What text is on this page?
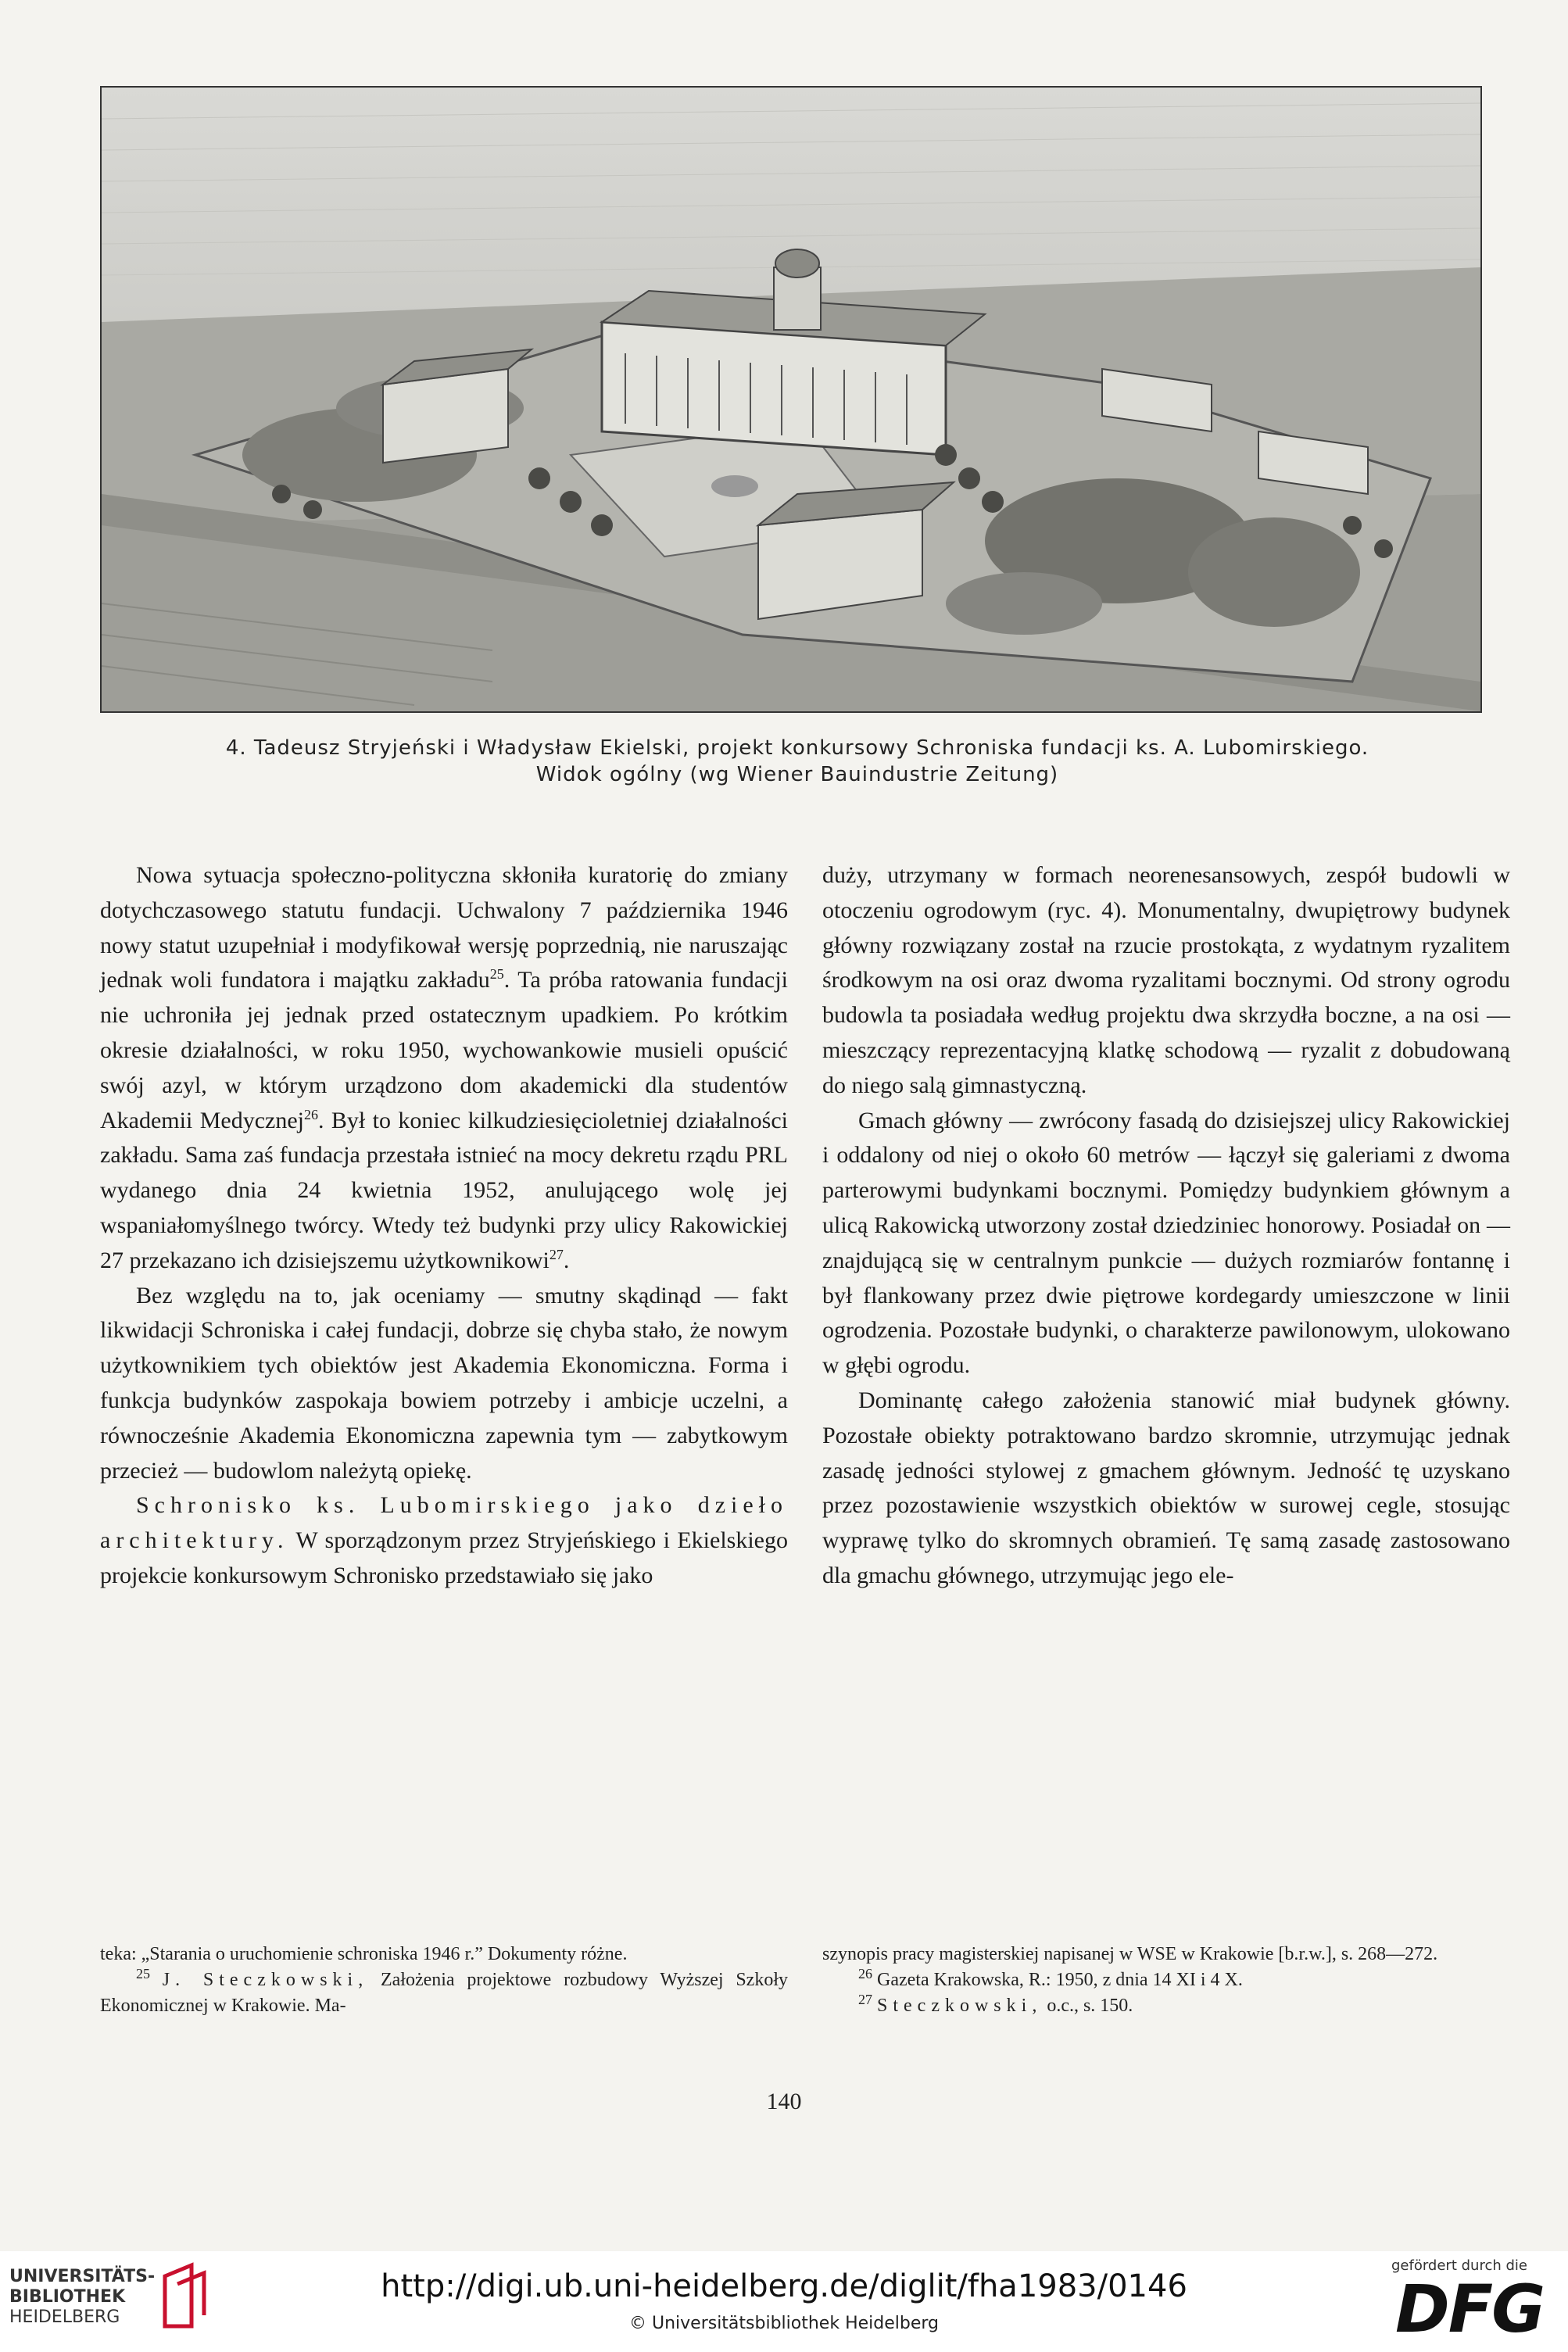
4. Tadeusz Stryjeński i Władysław Ekielski, projekt konkursowy Schroniska fundacji ks. A. Lubomirskiego.
Widok ogólny (wg Wiener Bauindustrie Zeitung)

Nowa sytuacja społeczno-polityczna skłoniła kuratorię do zmiany dotychczasowego statutu fundacji. Uchwalony 7 października 1946 nowy statut uzupełniał i modyfikował wersję poprzednią, nie naruszając jednak woli fundatora i majątku zakładu$^{25}$. Ta próba ratowania fundacji nie uchroniła jej jednak przed ostatecznym upadkiem. Po krótkim okresie działalności, w roku 1950, wychowankowie musieli opuścić swój azyl, w którym urządzono dom akademicki dla studentów Akademii Medycznej$^{26}$. Był to koniec kilkudziesięcioletniej działalności zakładu. Sama zaś fundacja przestała istnieć na mocy dekretu rządu PRL wydanego dnia 24 kwietnia 1952, anulującego wolę jej wspaniałomyślnego twórcy. Wtedy też budynki przy ulicy Rakowickiej 27 przekazano ich dzisiejszemu użytkownikowi$^{27}$.

Bez względu na to, jak oceniamy — smutny skądinąd — fakt likwidacji Schroniska i całej fundacji, dobrze się chyba stało, że nowym użytkownikiem tych obiektów jest Akademia Ekonomiczna. Forma i funkcja budynków zaspokaja bowiem potrzeby i ambicje uczelni, a równocześnie Akademia Ekonomiczna zapewnia tym — zabytkowym przecież — budowlom należytą opiekę.

Schronisko ks. Lubomirskiego jako dzieło architektury. W sporządzonym przez Stryjeńskiego i Ekielskiego projekcie konkursowym Schronisko przedstawiało się jako

duży, utrzymany w formach neorenesansowych, zespół budowli w otoczeniu ogrodowym (ryc. 4). Monumentalny, dwupiętrowy budynek główny rozwiązany został na rzucie prostokąta, z wydatnym ryzalitem środkowym na osi oraz dwoma ryzalitami bocznymi. Od strony ogrodu budowla ta posiadała według projektu dwa skrzydła boczne, a na osi — mieszczący reprezentacyjną klatkę schodową — ryzalit z dobudowaną do niego salą gimnastyczną.

Gmach główny — zwrócony fasadą do dzisiejszej ulicy Rakowickiej i oddalony od niej o około 60 metrów — łączył się galeriami z dwoma parterowymi budynkami bocznymi. Pomiędzy budynkiem głównym a ulicą Rakowicką utworzony został dziedziniec honorowy. Posiadał on — znajdującą się w centralnym punkcie — dużych rozmiarów fontannę i był flankowany przez dwie piętrowe kordegardy umieszczone w linii ogrodzenia. Pozostałe budynki, o charakterze pawilonowym, ulokowano w głębi ogrodu.

Dominantę całego założenia stanowić miał budynek główny. Pozostałe obiekty potraktowano bardzo skromnie, utrzymując jednak zasadę jedności stylowej z gmachem głównym. Jedność tę uzyskano przez pozostawienie wszystkich obiektów w surowej cegle, stosując wyprawę tylko do skromnych obramień. Tę samą zasadę zastosowano dla gmachu głównego, utrzymując jego ele-

teka: „Starania o uruchomienie schroniska 1946 r.” Dokumenty różne.

$^{25}$ J. Steczkowski, Założenia projektowe rozbudowy Wyższej Szkoły Ekonomicznej w Krakowie. Ma-

szynopis pracy magisterskiej napisanej w WSE w Krakowie [b.r.w.], s. 268—272.

$^{26}$ Gazeta Krakowska, R.: 1950, z dnia 14 XI i 4 X.

$^{27}$ Steczkowski, o.c., s. 150.

140
UNIVERSITÄTS-
BIBLIOTHEK
HEIDELBERG
http://digi.ub.uni-heidelberg.de/diglit/fha1983/0146
© Universitätsbibliothek Heidelberg
gefördert durch die
DFG
